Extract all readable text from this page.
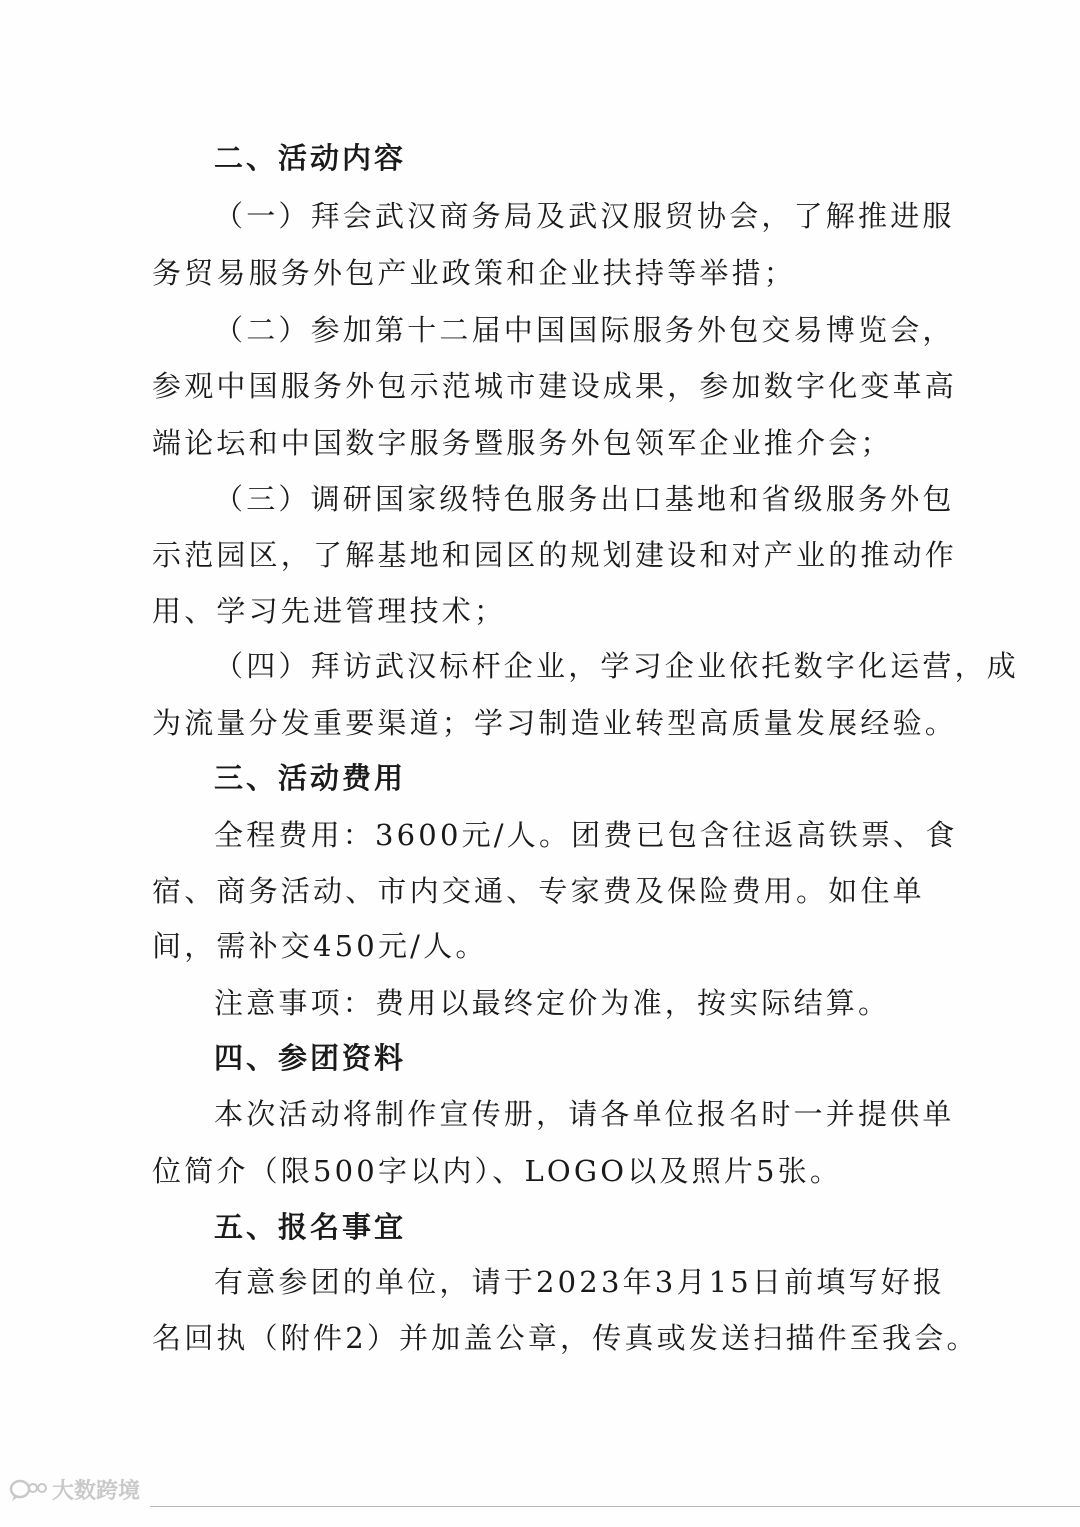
二、活动内容
（一）拜会武汉商务局及武汉服贸协会，了解推进服
务贸易服务外包产业政策和企业扶持等举措；
（二）参加第十二届中国国际服务外包交易博览会，
参观中国服务外包示范城市建设成果，参加数字化变革高
端论坛和中国数字服务暨服务外包领军企业推介会；
（三）调研国家级特色服务出口基地和省级服务外包
示范园区，了解基地和园区的规划建设和对产业的推动作
用、学习先进管理技术；
（四）拜访武汉标杆企业，学习企业依托数字化运营，成
为流量分发重要渠道；学习制造业转型高质量发展经验。
三、活动费用
全程费用：3600元/人。团费已包含往返高铁票、食
宿、商务活动、市内交通、专家费及保险费用。如住单
间，需补交450元/人。
注意事项：费用以最终定价为准，按实际结算。
四、参团资料
本次活动将制作宣传册，请各单位报名时一并提供单
位简介（限500字以内）、LOGO以及照片5张。
五、报名事宜
有意参团的单位，请于2023年3月15日前填写好报
名回执（附件2）并加盖公章，传真或发送扫描件至我会。
大数跨境
